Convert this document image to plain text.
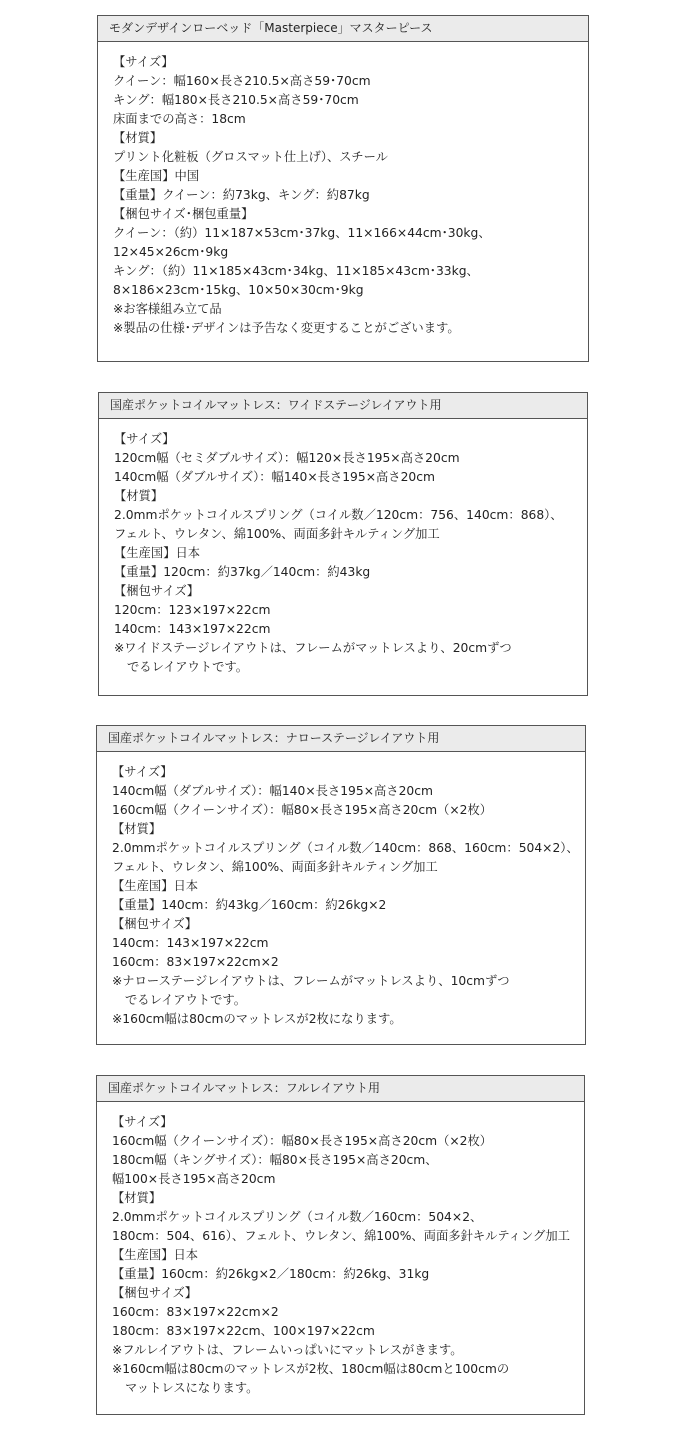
モダンデザインローベッド「Masterpiece」マスターピース
【サイズ】
クイーン：幅160×長さ210.5×高さ59･70cm
キング：幅180×長さ210.5×高さ59･70cm
床面までの高さ：18cm
【材質】
プリント化粧板（グロスマット仕上げ）、スチール
【生産国】中国
【重量】クイーン：約73kg、キング：約87kg
【梱包サイズ･梱包重量】
クイーン：（約）11×187×53cm･37kg、11×166×44cm･30kg、
12×45×26cm･9kg
キング：（約）11×185×43cm･34kg、11×185×43cm･33kg、
8×186×23cm･15kg、10×50×30cm･9kg
※お客様組み立て品
※製品の仕様･デザインは予告なく変更することがございます。
国産ポケットコイルマットレス：ワイドステージレイアウト用
【サイズ】
120cm幅（セミダブルサイズ）：幅120×長さ195×高さ20cm
140cm幅（ダブルサイズ）：幅140×長さ195×高さ20cm
【材質】
2.0mmポケットコイルスプリング（コイル数／120cm：756、140cm：868）、
フェルト、ウレタン、綿100%、両面多針キルティング加工
【生産国】日本
【重量】120cm：約37kg／140cm：約43kg
【梱包サイズ】
120cm：123×197×22cm
140cm：143×197×22cm
※ワイドステージレイアウトは、フレームがマットレスより、20cmずつ
でるレイアウトです。
国産ポケットコイルマットレス：ナローステージレイアウト用
【サイズ】
140cm幅（ダブルサイズ）：幅140×長さ195×高さ20cm
160cm幅（クイーンサイズ）：幅80×長さ195×高さ20cm（×2枚）
【材質】
2.0mmポケットコイルスプリング（コイル数／140cm：868、160cm：504×2）、
フェルト、ウレタン、綿100%、両面多針キルティング加工
【生産国】日本
【重量】140cm：約43kg／160cm：約26kg×2
【梱包サイズ】
140cm：143×197×22cm
160cm：83×197×22cm×2
※ナローステージレイアウトは、フレームがマットレスより、10cmずつ
でるレイアウトです。
※160cm幅は80cmのマットレスが2枚になります。
国産ポケットコイルマットレス：フルレイアウト用
【サイズ】
160cm幅（クイーンサイズ）：幅80×長さ195×高さ20cm（×2枚）
180cm幅（キングサイズ）：幅80×長さ195×高さ20cm、
幅100×長さ195×高さ20cm
【材質】
2.0mmポケットコイルスプリング（コイル数／160cm：504×2、
180cm：504、616）、フェルト、ウレタン、綿100%、両面多針キルティング加工
【生産国】日本
【重量】160cm：約26kg×2／180cm：約26kg、31kg
【梱包サイズ】
160cm：83×197×22cm×2
180cm：83×197×22cm、100×197×22cm
※フルレイアウトは、フレームいっぱいにマットレスがきます。
※160cm幅は80cmのマットレスが2枚、180cm幅は80cmと100cmの
マットレスになります。
